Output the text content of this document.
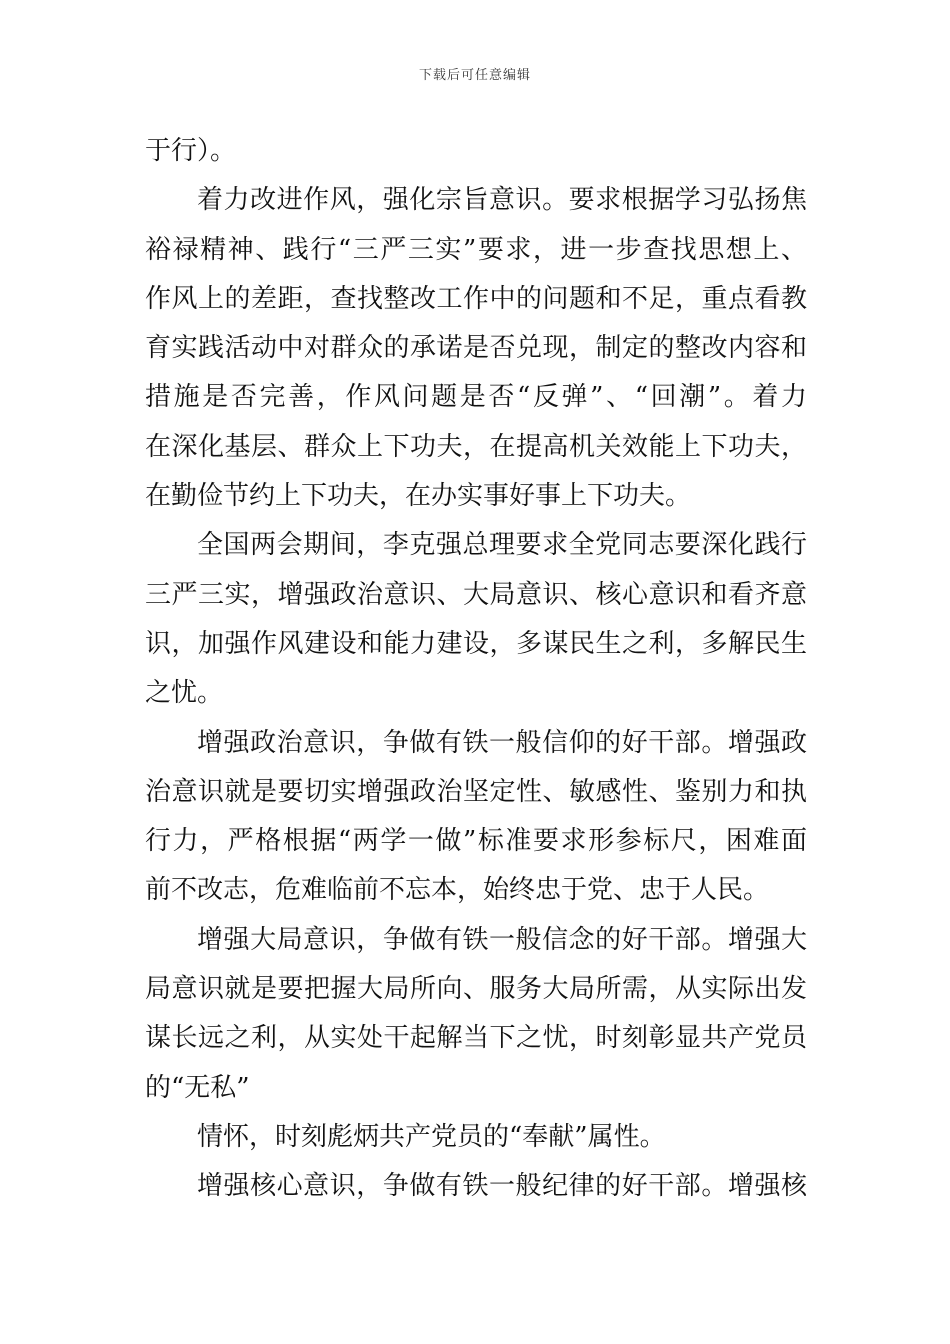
下载后可任意编辑
于行）。
着力改进作风，强化宗旨意识。要求根据学习弘扬焦
裕禄精神、践行“三严三实”要求，进一步查找思想上、
作风上的差距，查找整改工作中的问题和不足，重点看教
育实践活动中对群众的承诺是否兑现，制定的整改内容和
措施是否完善，作风问题是否“反弹”、“回潮”。着力
在深化基层、群众上下功夫，在提高机关效能上下功夫，
在勤俭节约上下功夫，在办实事好事上下功夫。
全国两会期间，李克强总理要求全党同志要深化践行
三严三实，增强政治意识、大局意识、核心意识和看齐意
识，加强作风建设和能力建设，多谋民生之利，多解民生
之忧。
增强政治意识，争做有铁一般信仰的好干部。增强政
治意识就是要切实增强政治坚定性、敏感性、鉴别力和执
行力，严格根据“两学一做”标准要求形参标尺，困难面
前不改志，危难临前不忘本，始终忠于党、忠于人民。
增强大局意识，争做有铁一般信念的好干部。增强大
局意识就是要把握大局所向、服务大局所需，从实际出发
谋长远之利，从实处干起解当下之忧，时刻彰显共产党员
的“无私”
情怀，时刻彪炳共产党员的“奉献”属性。
增强核心意识，争做有铁一般纪律的好干部。增强核
